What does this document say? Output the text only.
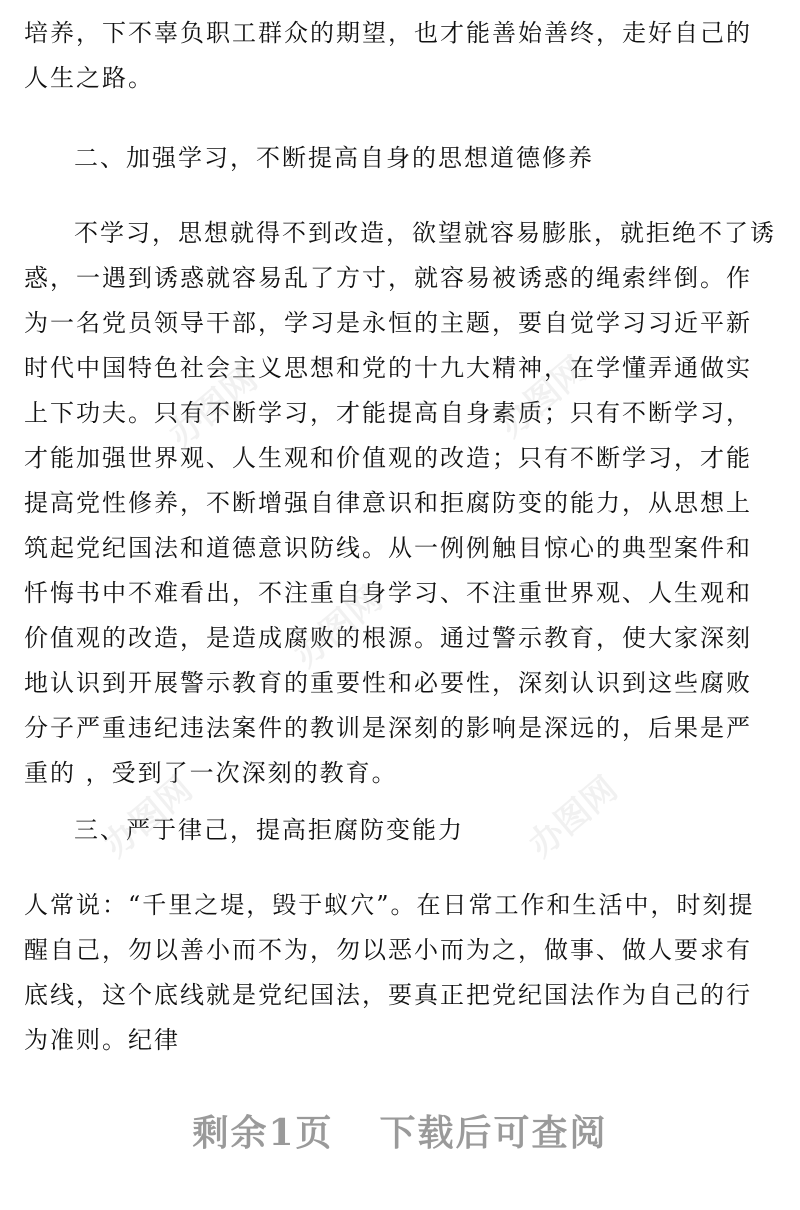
培养，下不辜负职工群众的期望，也才能善始善终，走好自己的人生之路。

二、加强学习，不断提高自身的思想道德修养

不学习，思想就得不到改造，欲望就容易膨胀，就拒绝不了诱惑，一遇到诱惑就容易乱了方寸，就容易被诱惑的绳索绊倒。作为一名党员领导干部，学习是永恒的主题，要自觉学习习近平新时代中国特色社会主义思想和党的十九大精神，在学懂弄通做实上下功夫。只有不断学习，才能提高自身素质；只有不断学习，才能加强世界观、人生观和价值观的改造；只有不断学习，才能提高党性修养，不断增强自律意识和拒腐防变的能力，从思想上筑起党纪国法和道德意识防线。从一例例触目惊心的典型案件和忏悔书中不难看出，不注重自身学习、不注重世界观、人生观和价值观的改造，是造成腐败的根源。通过警示教育，使大家深刻地认识到开展警示教育的重要性和必要性，深刻认识到这些腐败分子严重违纪违法案件的教训是深刻的影响是深远的，后果是严重的 ，受到了一次深刻的教育。

三、严于律己，提高拒腐防变能力

人常说：“千里之堤，毁于蚁穴”。在日常工作和生活中，时刻提醒自己，勿以善小而不为，勿以恶小而为之，做事、做人要求有底线，这个底线就是党纪国法，要真正把党纪国法作为自己的行为准则。纪律

办图网	办图网
办图网
办图网	办图网
剩余1页 下载后可查阅
